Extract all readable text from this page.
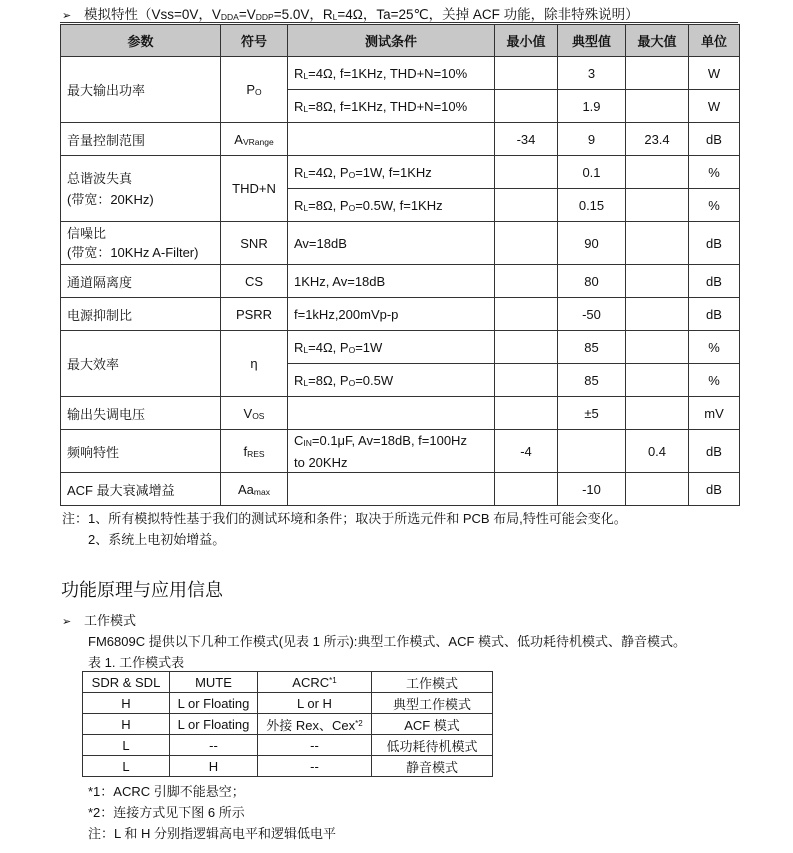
➢ 模拟特性（Vss=0V，$V_{DDA}=V_{DDP}=5.0V$，$R_L=4\Omega$，Ta=25℃，关掉 ACF 功能，除非特殊说明）
参数	符号	测试条件	最小值	典型值	最大值	单位
最大输出功率	$P_O$	$R_L=4\Omega$, f=1KHz, THD+N=10%		3		W
		$R_L=8\Omega$, f=1KHz, THD+N=10%		1.9		W
音量控制范围	$A_{VRange}$		-34	9	23.4	dB

总谐波失真
(带宽：20KHz)	THD+N	$R_L=4\Omega$, $P_O=1W$, f=1KHz		0.1		%
		$R_L=8\Omega$, $P_O=0.5W$, f=1KHz		0.15		%

信噪比
(带宽：10KHz A-Filter)	SNR	Av=18dB		90		dB
通道隔离度	CS	1KHz, Av=18dB		80		dB
电源抑制比	PSRR	f=1kHz,200mVp-p		-50		dB
最大效率	η	$R_L=4\Omega$, $P_O=1W$		85		%
		$R_L=8\Omega$, $P_O=0.5W$		85		%
输出失调电压	$V_{OS}$			±5		mV
频响特性	$f_{RES}$	$C_{IN}=0.1\mu F$, Av=18dB, f=100Hz
to 20KHz	-4		0.4	dB
ACF 最大衰减增益	$Aa_{max}$			-10		dB
注：1、所有模拟特性基于我们的测试环境和条件；取决于所选元件和 PCB 布局,特性可能会变化。
2、系统上电初始增益。
功能原理与应用信息
➢ 工作模式
FM6809C 提供以下几种工作模式(见表 1 所示):典型工作模式、ACF 模式、低功耗待机模式、静音模式。
表 1. 工作模式表
SDR & SDL	MUTE	ACRC$^{*1}$	工作模式
H	L or Floating	L or H	典型工作模式
H	L or Floating	外接 Rex、Cex$^{*2}$	ACF 模式
L	--	--	低功耗待机模式
L	H	--	静音模式
*1：ACRC 引脚不能悬空；
*2：连接方式见下图 6 所示
注：L 和 H 分别指逻辑高电平和逻辑低电平
